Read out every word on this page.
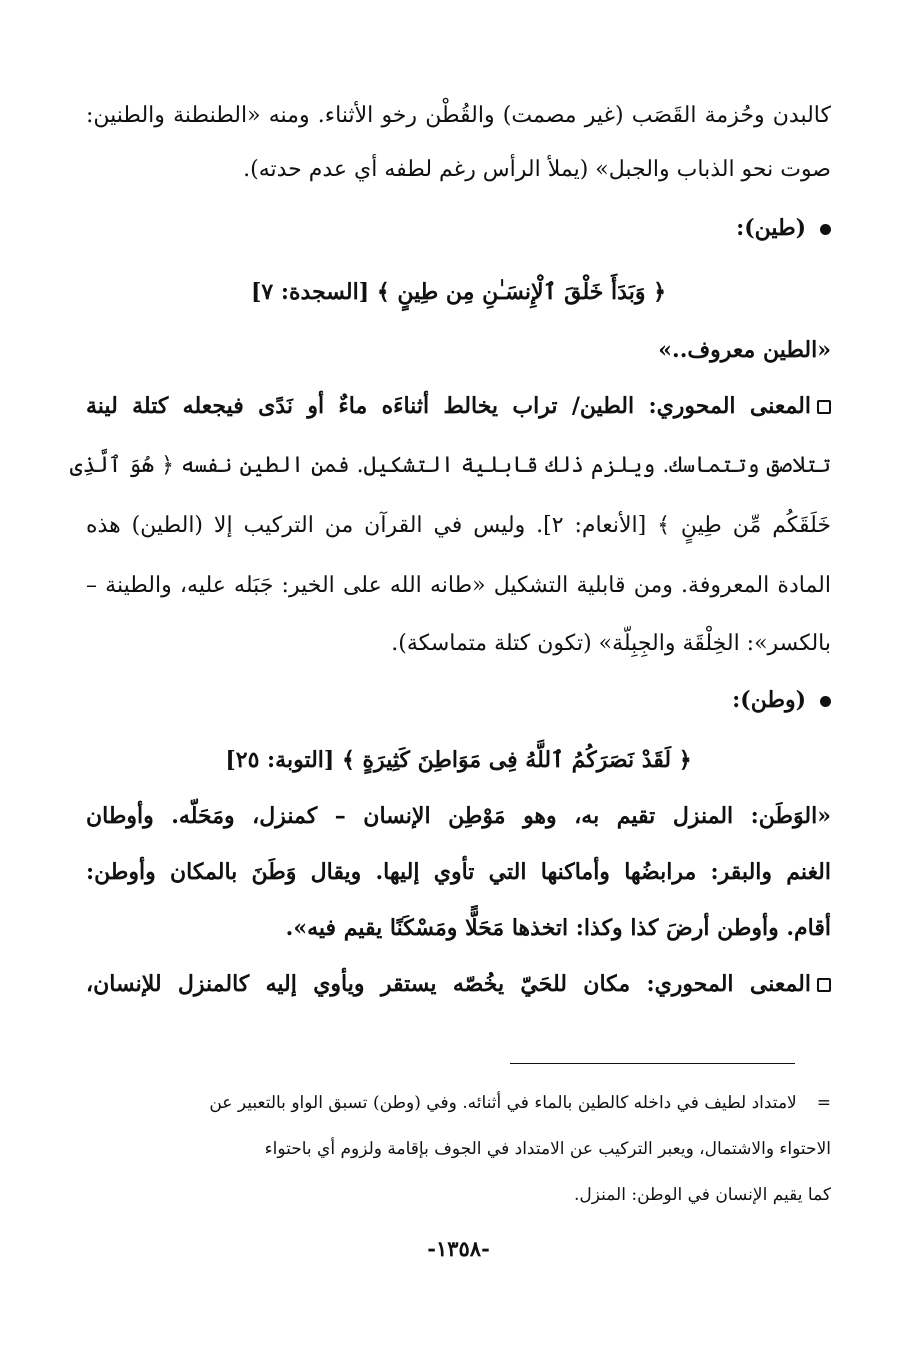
كالبدن وحُزمة القَصَب (غير مصمت) والقُطْن رخو الأثناء. ومنه «الطنطنة والطنين:
صوت نحو الذباب والجبل» (يملأ الرأس رغم لطفه أي عدم حدته).
(طين):
﴿ وَبَدَأَ خَلْقَ ٱلْإِنسَـٰنِ مِن طِينٍ ﴾ [السجدة: ٧]
«الطين معروف..»
المعنى المحوري: الطين/ تراب يخالط أثناءَه ماءٌ أو نَدًى فيجعله كتلة لينة
تتلاصق وتتماسك. ويلزم ذلك قابلية التشكيل. فمن الطين نفسه ﴿ هُوَ ٱلَّذِى
خَلَقَكُم مِّن طِينٍ ﴾ [الأنعام: ٢]. وليس في القرآن من التركيب إلا (الطين) هذه
المادة المعروفة. ومن قابلية التشكيل «طانه الله على الخير: جَبَله عليه، والطينة –
بالكسر»: الخِلْقَة والجِبِلّة» (تكون كتلة متماسكة).
(وطن):
﴿ لَقَدْ نَصَرَكُمُ ٱللَّهُ فِى مَوَاطِنَ كَثِيرَةٍ ﴾ [التوبة: ٢٥]
«الوَطَن: المنزل تقيم به، وهو مَوْطِن الإنسان – كمنزل، ومَحَلّه. وأوطان
الغنم والبقر: مرابضُها وأماكنها التي تأوي إليها. ويقال وَطَنَ بالمكان وأوطن:
أقام. وأوطن أرضَ كذا وكذا: اتخذها مَحَلًّا ومَسْكَنًا يقيم فيه».
المعنى المحوري: مكان للحَيّ يخُصّه يستقر ويأوي إليه كالمنزل للإنسان،
=لامتداد لطيف في داخله كالطين بالماء في أثنائه. وفي (وطن) تسبق الواو بالتعبير عن
الاحتواء والاشتمال، ويعبر التركيب عن الامتداد في الجوف بإقامة ولزوم أي باحتواء
كما يقيم الإنسان في الوطن: المنزل.
-١٣٥٨-
